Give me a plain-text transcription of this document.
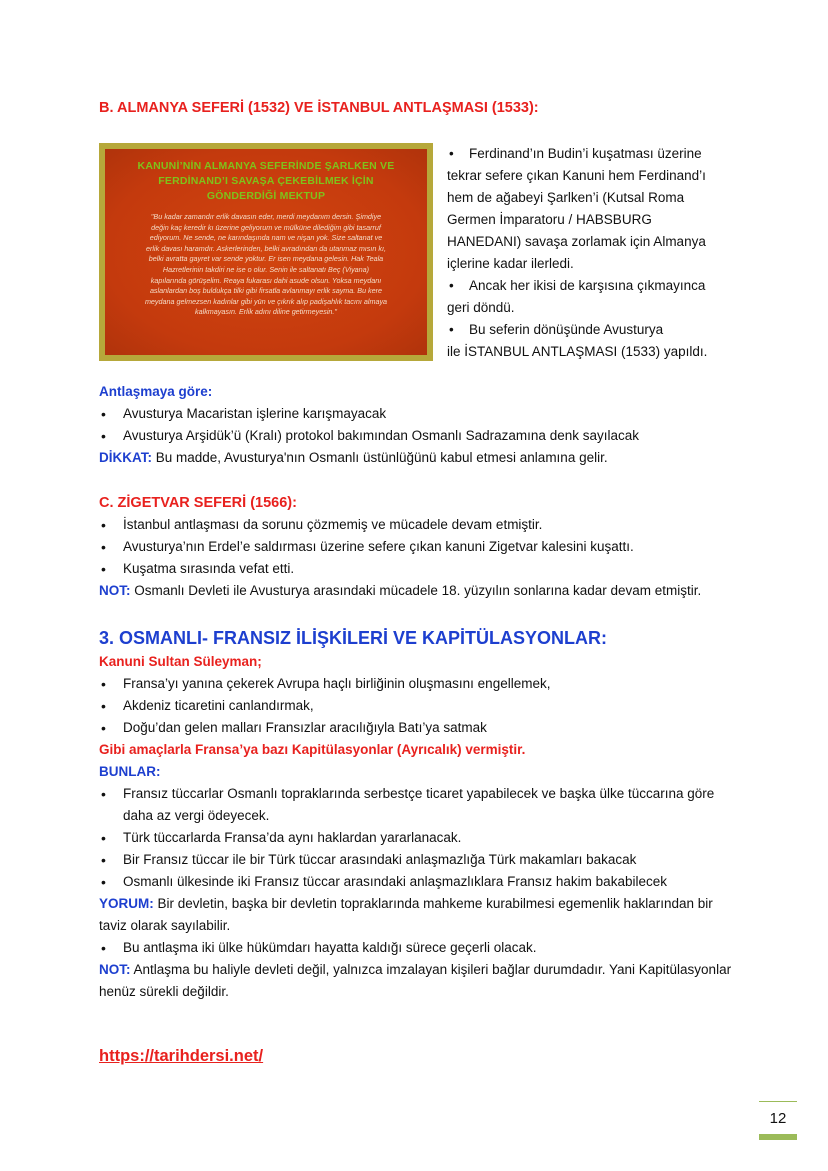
B. ALMANYA SEFERİ (1532) VE İSTANBUL ANTLAŞMASI (1533):
KANUNİ’NİN ALMANYA SEFERİNDE ŞARLKEN VE
FERDİNAND’I SAVAŞA ÇEKEBİLMEK İÇİN
GÖNDERDİĞİ MEKTUP
"Bu kadar zamandır erlik davasın eder, merdi meydanım dersin. Şimdiye
değin kaç keredir kı üzerine geliyorum ve mülkünе dilediğim gibi tasarruf
ediyorum. Ne sende, ne karındaşında nam ve nişan yok. Size saltanat ve
erlik davası haramdır. Askerlerinden, belki avradından da utanmaz mısın kı,
belki avratta gayret var sende yoktur. Er isen meydana gelesin. Hak Teala
Hazretlerinin takdiri ne ise o olur. Senin ile saltanatı Beç (Viyana)
kapılarında görüşelim. Reaya fukarası dahi asude olsun. Yoksa meydanı
aslanlardan boş buldukça tilki gibi firsatla avlanmayı erlik sayma. Bu kere
meydana gelmezsen kadınlar gibi yün ve çıkrık alıp padişahlık tacını almaya
kalkmayasın. Erlik adını diline getirmeyesin."
• Ferdinand’ın Budin’i kuşatması üzerine
tekrar sefere çıkan Kanuni hem Ferdinand’ı
hem de ağabeyi Şarlken’i (Kutsal Roma
Germen İmparatoru / HABSBURG
HANEDANI) savaşa zorlamak için Almanya
içlerine kadar ilerledi.
• Ancak her ikisi de karşısına çıkmayınca
geri döndü.
• Bu seferin dönüşünde Avusturya
ile İSTANBUL ANTLAŞMASI (1533) yapıldı.
Antlaşmaya göre:
• Avusturya Macaristan işlerine karışmayacak
• Avusturya Arşidük’ü (Kralı) protokol bakımından Osmanlı Sadrazamına denk sayılacak
DİKKAT: Bu madde, Avusturya'nın Osmanlı üstünlüğünü kabul etmesi anlamına gelir.
C. ZİGETVAR SEFERİ (1566):
• İstanbul antlaşması da sorunu çözmemiş ve mücadele devam etmiştir.
• Avusturya’nın Erdel’e saldırması üzerine sefere çıkan kanuni Zigetvar kalesini kuşattı.
• Kuşatma sırasında vefat etti.
NOT: Osmanlı Devleti ile Avusturya arasındaki mücadele 18. yüzyılın sonlarına kadar devam etmiştir.
3. OSMANLI- FRANSIZ İLİŞKİLERİ VE KAPİTÜLASYONLAR:
Kanuni Sultan Süleyman;
• Fransa’yı yanına çekerek Avrupa haçlı birliğinin oluşmasını engellemek,
• Akdeniz ticaretini canlandırmak,
• Doğu’dan gelen malları Fransızlar aracılığıyla Batı’ya satmak
Gibi amaçlarla Fransa’ya bazı Kapitülasyonlar (Ayrıcalık) vermiştir.
BUNLAR:
• Fransız tüccarlar Osmanlı topraklarında serbestçe ticaret yapabilecek ve başka ülke tüccarına göre daha az vergi ödeyecek.
• Türk tüccarlarda Fransa’da aynı haklardan yararlanacak.
• Bir Fransız tüccar ile bir Türk tüccar arasındaki anlaşmazlığa Türk makamları bakacak
• Osmanlı ülkesinde iki Fransız tüccar arasındaki anlaşmazlıklara Fransız hakim bakabilecek
YORUM: Bir devletin, başka bir devletin topraklarında mahkeme kurabilmesi egemenlik haklarından bir taviz olarak sayılabilir.
• Bu antlaşma iki ülke hükümdarı hayatta kaldığı sürece geçerli olacak.
NOT: Antlaşma bu haliyle devleti değil, yalnızca imzalayan kişileri bağlar durumdadır. Yani Kapitülasyonlar henüz sürekli değildir.
https://tarihdersi.net/
12
